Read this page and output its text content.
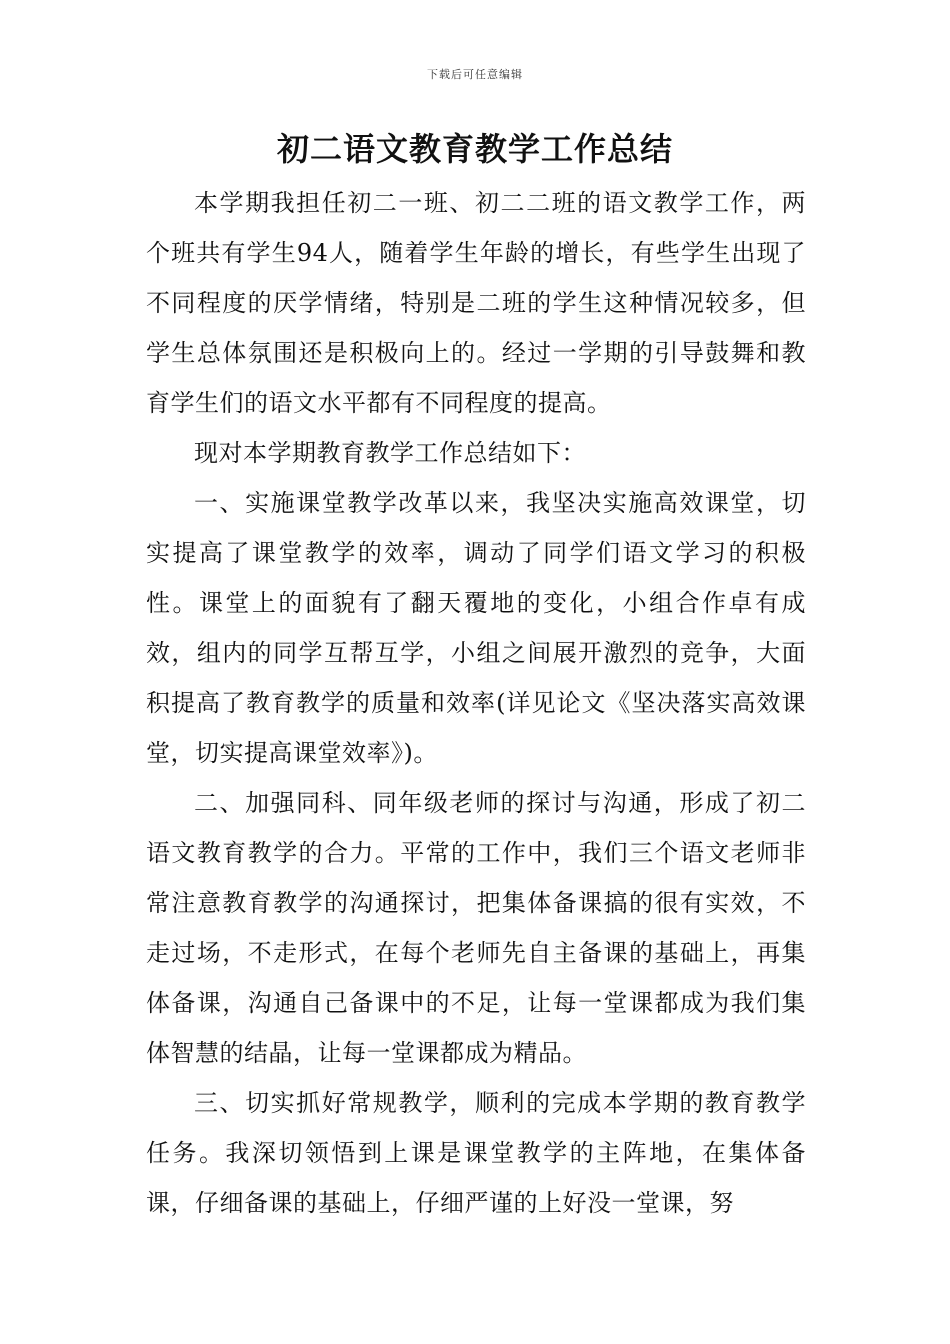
下载后可任意编辑
初二语文教育教学工作总结

本学期我担任初二一班、初二二班的语文教学工作，两个班共有学生94人，随着学生年龄的增长，有些学生出现了不同程度的厌学情绪，特别是二班的学生这种情况较多，但学生总体氛围还是积极向上的。经过一学期的引导鼓舞和教育学生们的语文水平都有不同程度的提高。

现对本学期教育教学工作总结如下：

一、实施课堂教学改革以来，我坚决实施高效课堂，切实提高了课堂教学的效率，调动了同学们语文学习的积极性。课堂上的面貌有了翻天覆地的变化，小组合作卓有成效，组内的同学互帮互学，小组之间展开激烈的竞争，大面积提高了教育教学的质量和效率(详见论文《坚决落实高效课堂，切实提高课堂效率》)。

二、加强同科、同年级老师的探讨与沟通，形成了初二语文教育教学的合力。平常的工作中，我们三个语文老师非常注意教育教学的沟通探讨，把集体备课搞的很有实效，不走过场，不走形式，在每个老师先自主备课的基础上，再集体备课，沟通自己备课中的不足，让每一堂课都成为我们集体智慧的结晶，让每一堂课都成为精品。

三、切实抓好常规教学，顺利的完成本学期的教育教学任务。我深切领悟到上课是课堂教学的主阵地，在集体备课，仔细备课的基础上，仔细严谨的上好没一堂课，努
